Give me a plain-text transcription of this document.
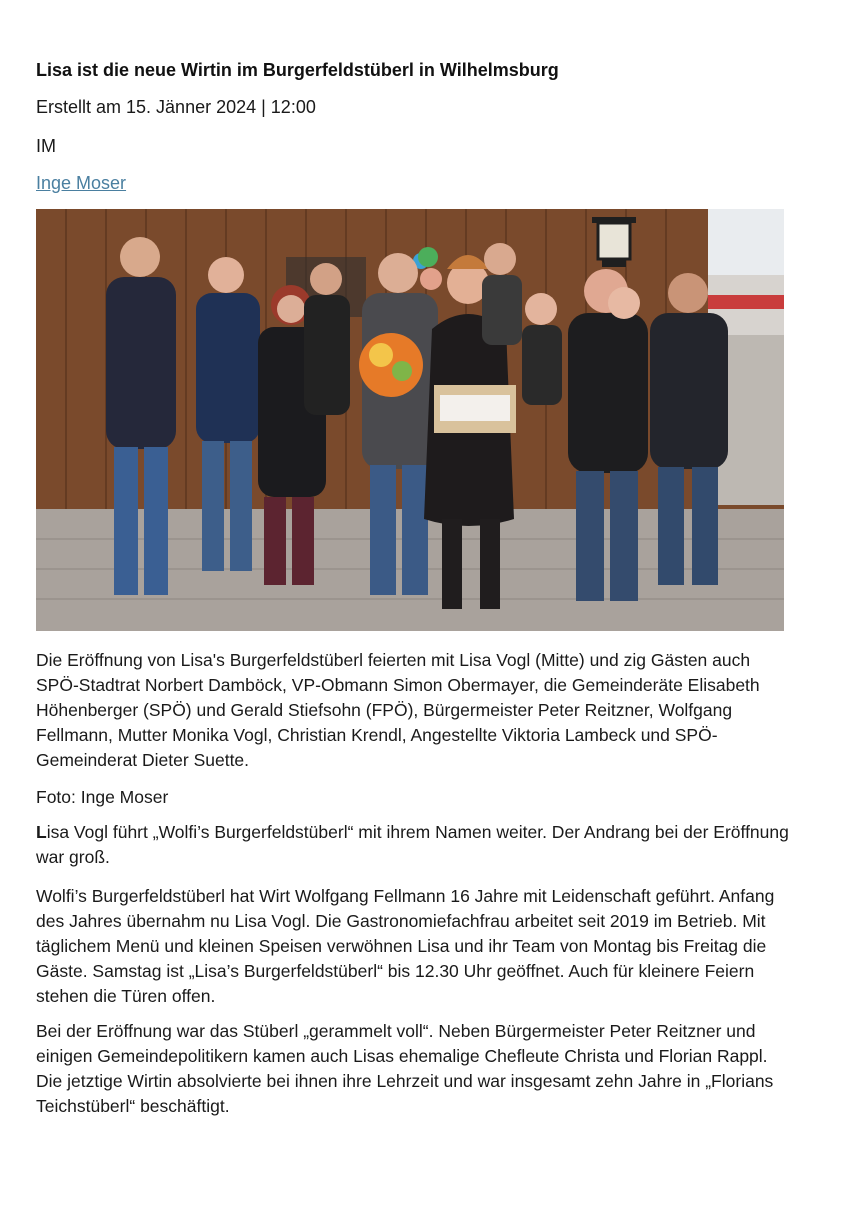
Lisa ist die neue Wirtin im Burgerfeldstüberl in Wilhelmsburg
Erstellt am 15. Jänner 2024 | 12:00
IM
Inge Moser
Die Eröffnung von Lisa's Burgerfeldstüberl feierten mit Lisa Vogl (Mitte) und zig Gästen auch SPÖ-Stadtrat Norbert Damböck, VP-Obmann Simon Obermayer, die Gemeinderäte Elisabeth Höhenberger (SPÖ) und Gerald Stiefsohn (FPÖ), Bürgermeister Peter Reitzner, Wolfgang Fellmann, Mutter Monika Vogl, Christian Krendl, Angestellte Viktoria Lambeck und SPÖ-Gemeinderat Dieter Suette.
Foto: Inge Moser
Lisa Vogl führt „Wolfi’s Burgerfeldstüberl“ mit ihrem Namen weiter. Der Andrang bei der Eröffnung war groß.
Wolfi’s Burgerfeldstüberl hat Wirt Wolfgang Fellmann 16 Jahre mit Leidenschaft geführt. Anfang des Jahres übernahm nu Lisa Vogl. Die Gastronomiefachfrau arbeitet seit 2019 im Betrieb. Mit täglichem Menü und kleinen Speisen verwöhnen Lisa und ihr Team von Montag bis Freitag die Gäste. Samstag ist „Lisa’s Burgerfeldstüberl“ bis 12.30 Uhr geöffnet. Auch für kleinere Feiern stehen die Türen offen.
Bei der Eröffnung war das Stüberl „gerammelt voll“. Neben Bürgermeister Peter Reitzner und einigen Gemeindepolitikern kamen auch Lisas ehemalige Chefleute Christa und Florian Rappl. Die jetztige Wirtin absolvierte bei ihnen ihre Lehrzeit und war insgesamt zehn Jahre in „Florians Teichstüberl“ beschäftigt.
